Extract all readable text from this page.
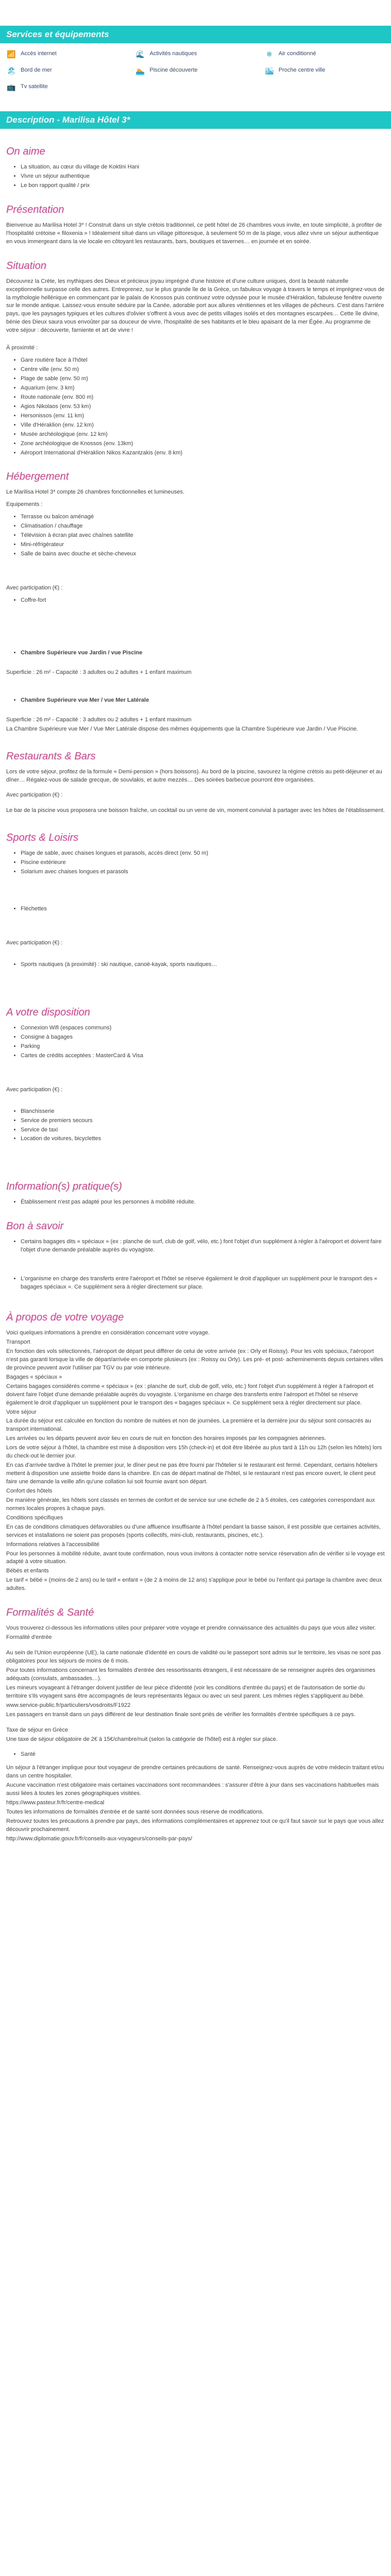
Services et équipements
📶 Accès internet	🌊 Activités nautiques	❄	Air conditionné
🏖 Bord de mer	🏊 Piscine découverte	🏙 Proche centre ville
📺 Tv satellite
Description - Marilisa Hôtel 3*
On aime
• La situation, au cœur du village de Koktini Hani
• Vivre un séjour authentique
• Le bon rapport qualité / prix
Présentation

Bienvenue au Marilisa Hotel 3* ! Construit dans un style crétois traditionnel, ce petit hôtel de 26 chambres vous invite, en toute simplicité, à profiter de l'hospitalité crétoise « filoxenia » ! Idéalement situé dans un village pittoresque, à seulement 50 m de la plage, vous allez vivre un séjour authentique en vous immergeant dans la vie locale en côtoyant les restaurants, bars, boutiques et tavernes… en journée et en soirée.

Situation

Découvrez la Crète, les mythiques des Dieux et précieux joyau imprégné d'une histoire et d'une culture uniques, dont la beauté naturelle exceptionnelle surpasse celle des autres. Entreprenez, sur le plus grande île de la Grèce, un fabuleux voyage à travers le temps et imprégnez-vous de la mythologie hellénique en commençant par le palais de Knossos puis continuez votre odyssée pour le musée d'Héraklion, fabuleuse fenêtre ouverte sur le monde antique. Laissez-vous ensuite séduire par la Canée, adorable port aux allures vénitiennes et les villages de pêcheurs. C'est dans l'arrière pays, que les paysages typiques et les cultures d'olivier s'offrent à vous avec de petits villages isolés et des montagnes escarpées… Cette île divine, bénie des Dieux saura vous envoûter par sa douceur de vivre, l'hospitalité de ses habitants et le bleu apaisant de la mer Égée. Au programme de votre séjour : découverte, farniente et art de vivre !

À proximité :

• Gare routière face à l'hôtel
• Centre ville (env. 50 m)
• Plage de sable (env. 50 m)
• Aquarium (env. 3 km)
• Route nationale (env. 800 m)
• Agios Nikolaos (env. 53 km)
• Hersonissos (env. 11 km)
• Ville d'Héraklion (env. 12 km)
• Musée archéologique (env. 12 km)
• Zone archéologique de Knossos (env. 13km)
• Aéroport International d'Héraklion Nikos Kazantzakis (env. 8 km)
Hébergement

Le Marilisa Hotel 3* compte 26 chambres fonctionnelles et lumineuses.

Equipements :

• Terrasse ou balcon aménagé
• Climatisation / chauffage
• Télévision à écran plat avec chaînes satellite
• Mini-réfrigérateur
• Salle de bains avec douche et sèche-cheveux

Avec participation (€) :

• Coffre-fort
• Chambre Supérieure vue Jardin / vue Piscine

Superficie : 26 m² - Capacité : 3 adultes ou 2 adultes + 1 enfant maximum

• Chambre Supérieure vue Mer / vue Mer Latérale

Superficie : 26 m² - Capacité : 3 adultes ou 2 adultes + 1 enfant maximum

La Chambre Supérieure vue Mer / Vue Mer Latérale dispose des mêmes équipements que la Chambre Supérieure vue Jardin / Vue Piscine.

Restaurants & Bars

Lors de votre séjour, profitez de la formule « Demi-pension » (hors boissons). Au bord de la piscine, savourez la régime crétois au petit-déjeuner et au dîner… Régalez-vous de salade grecque, de souvlakis, et autre mezzés… Des soirées barbecue pourront être organisées.

Avec participation (€) :

Le bar de la piscine vous proposera une boisson fraîche, un cocktail ou un verre de vin, moment convivial à partager avec les hôtes de l'établissement.

Sports & Loisirs
• Plage de sable, avec chaises longues et parasols, accès direct (env. 50 m)
• Piscine extérieure
• Solarium avec chaises longues et parasols
• Fléchettes

Avec participation (€) :

• Sports nautiques (à proximité) : ski nautique, canoë-kayak, sports nautiques…
A votre disposition
• Connexion Wifi (espaces communs)
• Consigne à bagages
• Parking
• Cartes de crédits acceptées : MasterCard & Visa

Avec participation (€) :

• Blanchisserie
• Service de premiers secours
• Service de taxi
• Location de voitures, bicyclettes
Information(s) pratique(s)
• Établissement n'est pas adapté pour les personnes à mobilité réduite.
Bon à savoir
• Certains bagages dits « spéciaux » (ex : planche de surf, club de golf, vélo, etc.) font l'objet d'un supplément à régler à l'aéroport et doivent faire l'objet d'une demande préalable auprès du voyagiste.
• L'organisme en charge des transferts entre l'aéroport et l'hôtel se réserve également le droit d'appliquer un supplément pour le transport des « bagages spéciaux ». Ce supplément sera à régler directement sur place.
À propos de votre voyage

Voici quelques informations à prendre en considération concernant votre voyage.

Transport

En fonction des vols sélectionnés, l'aéroport de départ peut différer de celui de votre arrivée (ex : Orly et Roissy). Pour les vols spéciaux, l'aéroport n'est pas garanti lorsque la ville de départ/arrivée en comporte plusieurs (ex : Roissy ou Orly). Les pré- et post- acheminements depuis certaines villes de province peuvent avoir l'utiliser par TGV ou par voie intérieure.

Bagages « spéciaux »

Certains bagages considérés comme « spéciaux » (ex : planche de surf, club de golf, vélo, etc.) font l'objet d'un supplément à régler à l'aéroport et doivent faire l'objet d'une demande préalable auprès du voyagiste. L'organisme en charge des transferts entre l'aéroport et l'hôtel se réserve également le droit d'appliquer un supplément pour le transport des « bagages spéciaux ». Ce supplément sera à régler directement sur place.

Votre séjour

La durée du séjour est calculée en fonction du nombre de nuitées et non de journées. La première et la dernière jour du séjour sont consacrés au transport international.

Les arrivées ou les départs peuvent avoir lieu en cours de nuit en fonction des horaires imposés par les compagnies aériennes.

Lors de votre séjour à l'hôtel, la chambre est mise à disposition vers 15h (check-in) et doit être libérée au plus tard à 11h ou 12h (selon les hôtels) lors du check-out le dernier jour.

En cas d'arrivée tardive à l'hôtel le premier jour, le dîner peut ne pas être fourni par l'hôtelier si le restaurant est fermé. Cependant, certains hôteliers mettent à disposition une assiette froide dans la chambre. En cas de départ matinal de l'hôtel, si le restaurant n'est pas encore ouvert, le client peut faire une demande la veille afin qu'une collation lui soit fournie avant son départ.

Confort des hôtels

De manière générale, les hôtels sont classés en termes de confort et de service sur une échelle de 2 à 5 étoiles, ces catégories correspondant aux normes locales propres à chaque pays.

Conditions spécifiques

En cas de conditions climatiques défavorables ou d'une affluence insuffisante à l'hôtel pendant la basse saison, il est possible que certaines activités, services et installations ne soient pas proposés (sports collectifs, mini-club, restaurants, piscines, etc.).

Informations relatives à l'accessibilité

Pour les personnes à mobilité réduite, avant toute confirmation, nous vous invitons à contacter notre service réservation afin de vérifier si le voyage est adapté à votre situation.

Bébés et enfants

Le tarif « bébé » (moins de 2 ans) ou le tarif « enfant » (de 2 à moins de 12 ans) s'applique pour le bébé ou l'enfant qui partage la chambre avec deux adultes.

Formalités & Santé

Vous trouverez ci-dessous les informations utiles pour préparer votre voyage et prendre connaissance des actualités du pays que vous allez visiter.

Formalité d'entrée

Au sein de l'Union européenne (UE), la carte nationale d'identité en cours de validité ou le passeport sont admis sur le territoire, les visas ne sont pas obligatoires pour les séjours de moins de 6 mois.

Pour toutes informations concernant les formalités d'entrée des ressortissants étrangers, il est nécessaire de se renseigner auprès des organismes adéquats (consulats, ambassades…).

Les mineurs voyageant à l'étranger doivent justifier de leur pièce d'identité (voir les conditions d'entrée du pays) et de l'autorisation de sortie du territoire s'ils voyagent sans être accompagnés de leurs représentants légaux ou avec un seul parent. Les mêmes règles s'appliquent au bébé.

www.service-public.fr/particuliers/vosdroits/F1922

Les passagers en transit dans un pays différent de leur destination finale sont priés de vérifier les formalités d'entrée spécifiques à ce pays.

Taxe de séjour en Grèce

Une taxe de séjour obligatoire de 2€ à 15€/chambre/nuit (selon la catégorie de l'hôtel) est à régler sur place.

• Santé

Un séjour à l'étranger implique pour tout voyageur de prendre certaines précautions de santé. Renseignez-vous auprès de votre médecin traitant et/ou dans un centre hospitalier.

Aucune vaccination n'est obligatoire mais certaines vaccinations sont recommandées : s'assurer d'être à jour dans ses vaccinations habituelles mais aussi liées à toutes les zones géographiques visitées.

https://www.pasteur.fr/fr/centre-medical

Toutes les informations de formalités d'entrée et de santé sont données sous réserve de modifications.

Retrouvez toutes les précautions à prendre par pays, des informations complémentaires et apprenez tout ce qu'il faut savoir sur le pays que vous allez découvrir prochainement.

http://www.diplomatie.gouv.fr/fr/conseils-aux-voyageurs/conseils-par-pays/
